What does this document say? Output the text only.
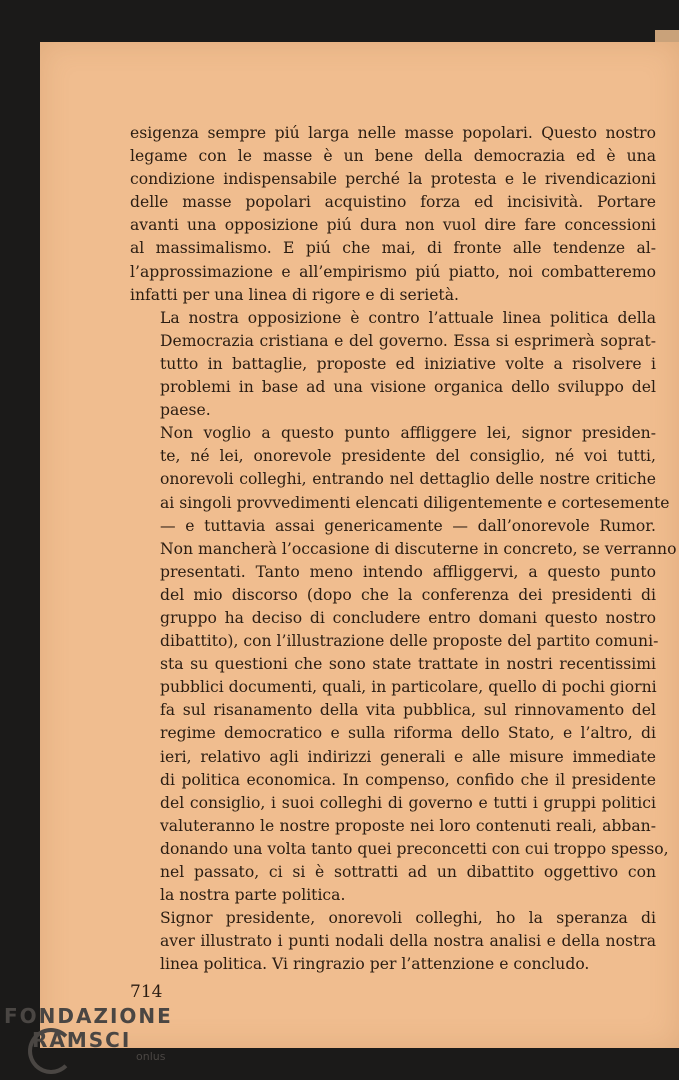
esigenza sempre piú larga nelle masse popolari. Questo nostro
legame con le masse è un bene della democrazia ed è una
condizione indispensabile perché la protesta e le rivendicazioni
delle masse popolari acquistino forza ed incisività. Portare
avanti una opposizione piú dura non vuol dire fare concessioni
al massimalismo. E piú che mai, di fronte alle tendenze al-
l’approssimazione e all’empirismo piú piatto, noi combatteremo
infatti per una linea di rigore e di serietà.

La nostra opposizione è contro l’attuale linea politica della
Democrazia cristiana e del governo. Essa si esprimerà soprat-
tutto in battaglie, proposte ed iniziative volte a risolvere i
problemi in base ad una visione organica dello sviluppo del
paese.

Non voglio a questo punto affliggere lei, signor presiden-
te, né lei, onorevole presidente del consiglio, né voi tutti,
onorevoli colleghi, entrando nel dettaglio delle nostre critiche
ai singoli provvedimenti elencati diligentemente e cortesemente
— e tuttavia assai genericamente — dall’onorevole Rumor.
Non mancherà l’occasione di discuterne in concreto, se verranno
presentati. Tanto meno intendo affliggervi, a questo punto
del mio discorso (dopo che la conferenza dei presidenti di
gruppo ha deciso di concludere entro domani questo nostro
dibattito), con l’illustrazione delle proposte del partito comuni-
sta su questioni che sono state trattate in nostri recentissimi
pubblici documenti, quali, in particolare, quello di pochi giorni
fa sul risanamento della vita pubblica, sul rinnovamento del
regime democratico e sulla riforma dello Stato, e l’altro, di
ieri, relativo agli indirizzi generali e alle misure immediate
di politica economica. In compenso, confido che il presidente
del consiglio, i suoi colleghi di governo e tutti i gruppi politici
valuteranno le nostre proposte nei loro contenuti reali, abban-
donando una volta tanto quei preconcetti con cui troppo spesso,
nel passato, ci si è sottratti ad un dibattito oggettivo con
la nostra parte politica.

Signor presidente, onorevoli colleghi, ho la speranza di
aver illustrato i punti nodali della nostra analisi e della nostra
linea politica. Vi ringrazio per l’attenzione e concludo.

714
FONDAZIONE
RAMSCI
onlus
